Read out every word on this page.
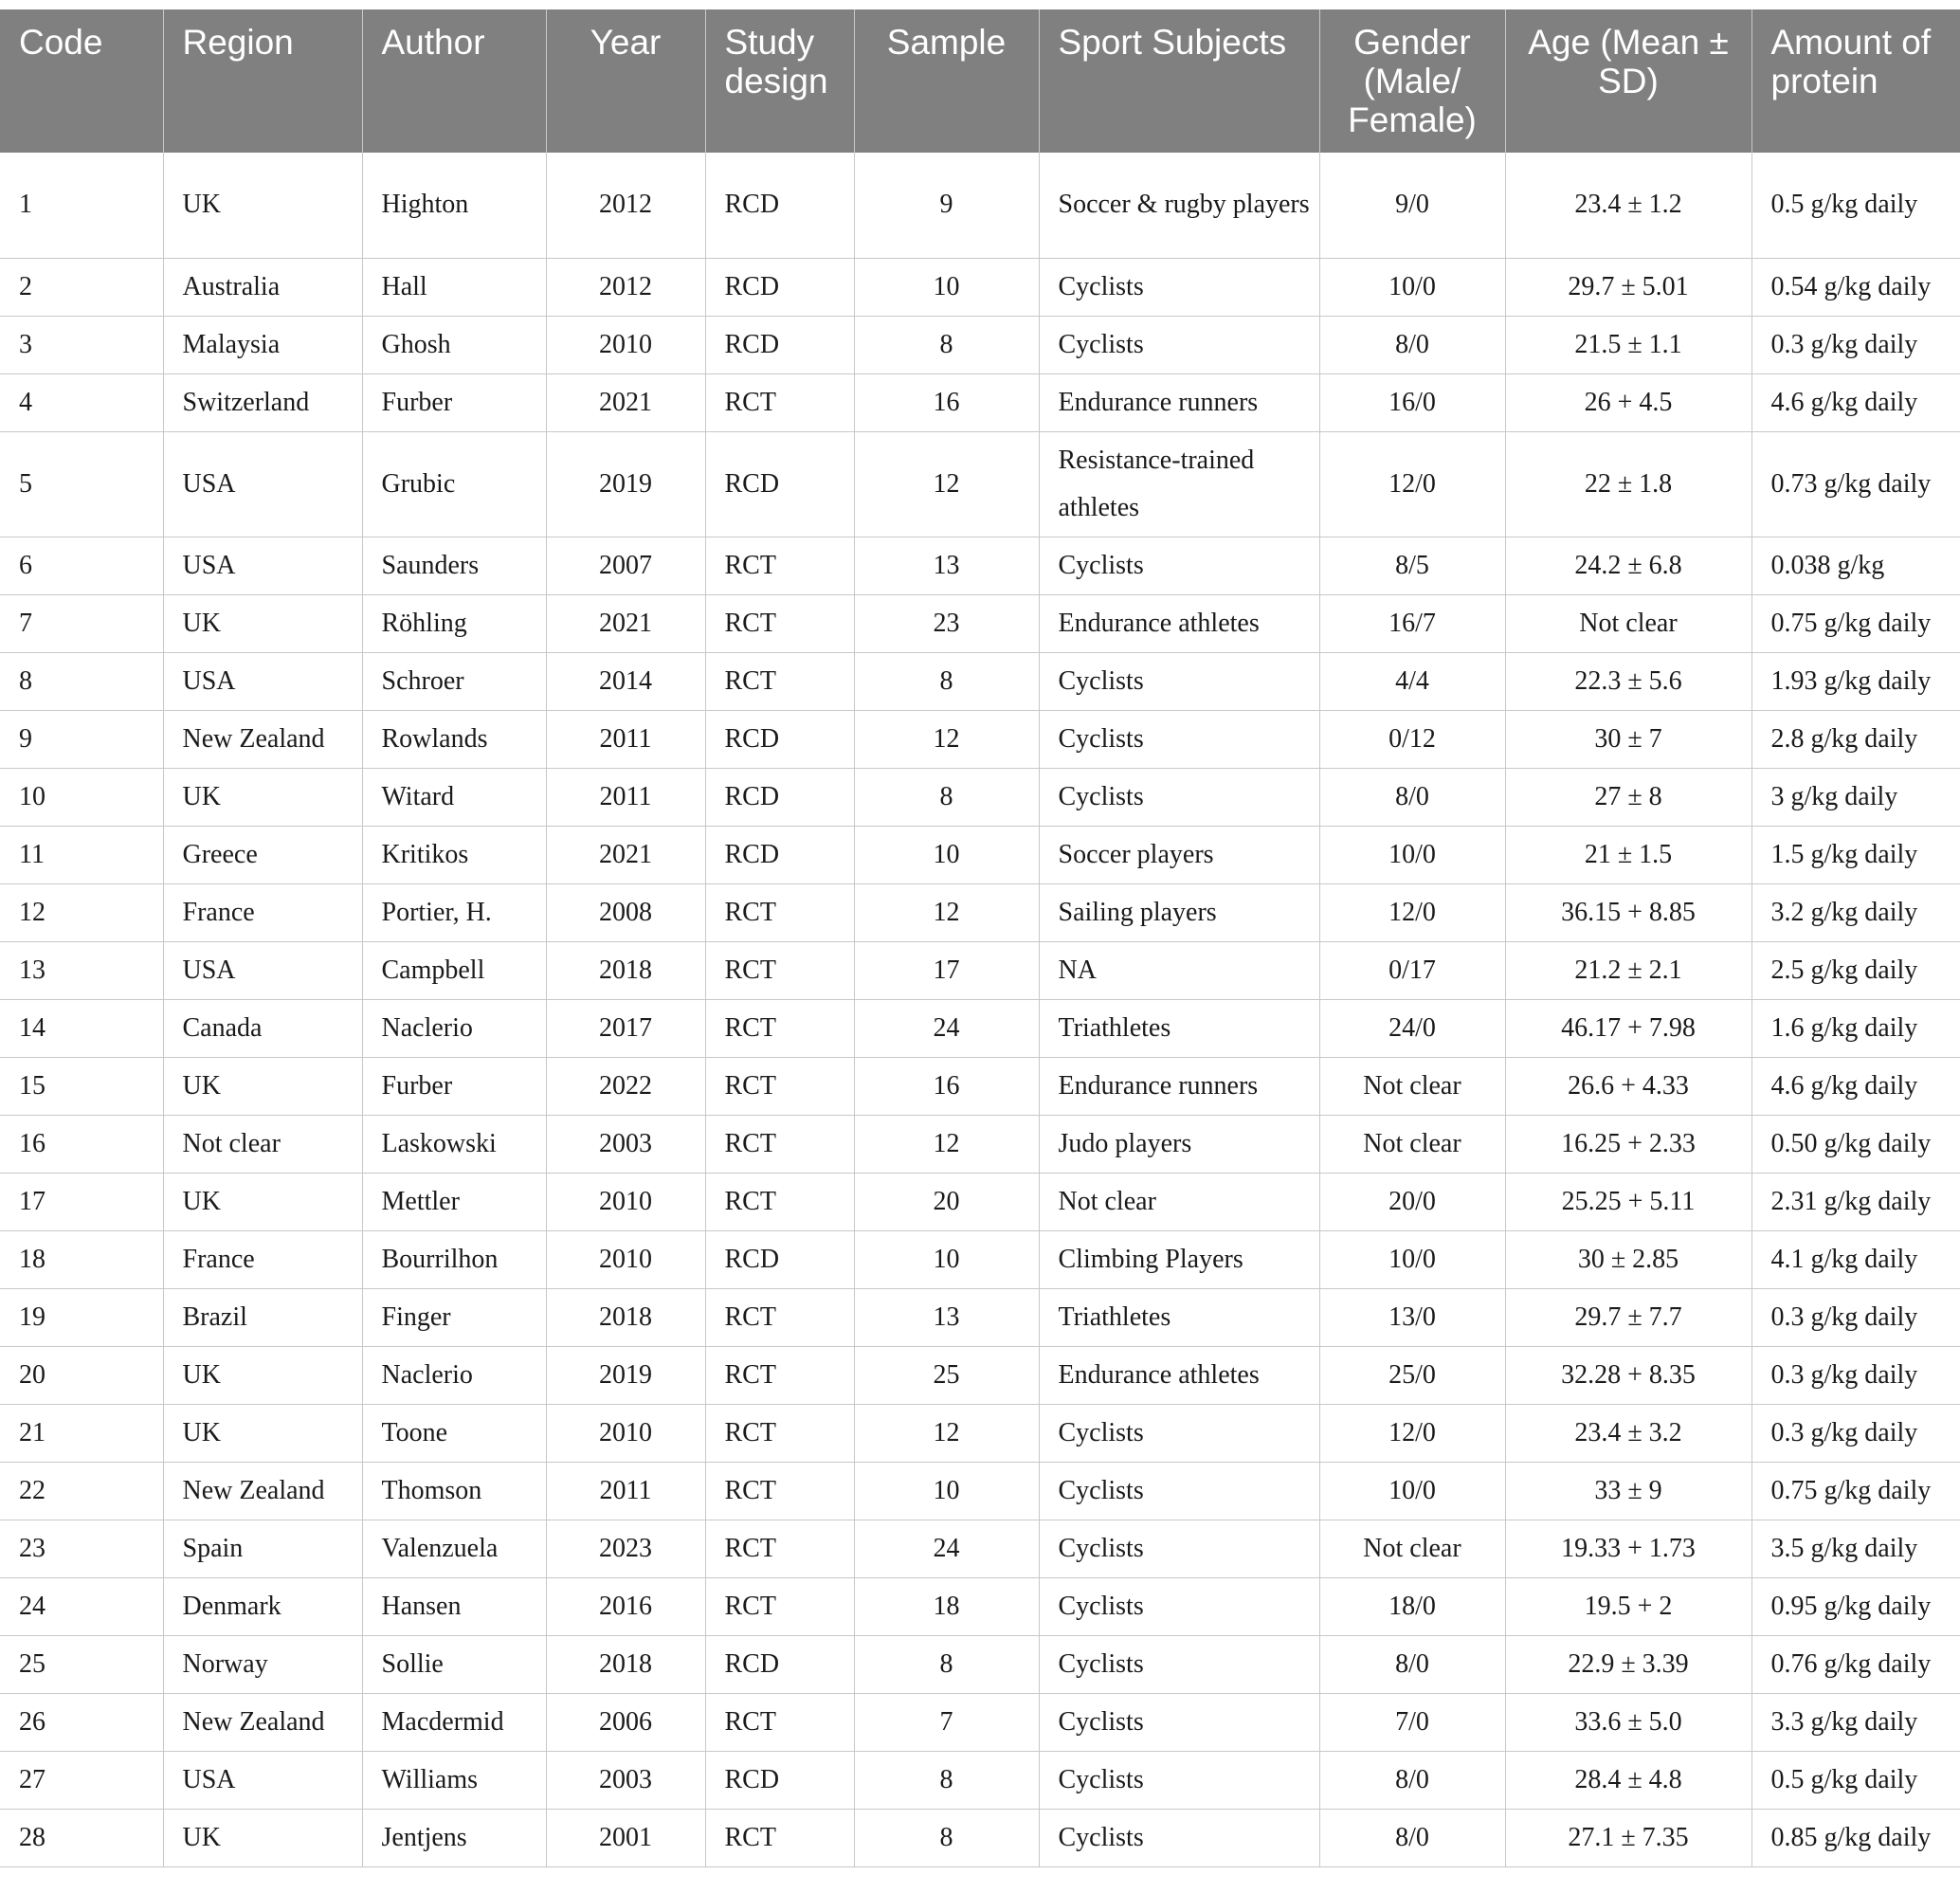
Code	Region	Author	Year	Study design	Sample	Sport Subjects	Gender (Male/ Female)	Age (Mean ± SD)	Amount of protein
1	UK	Highton	2012	RCD	9	Soccer & rugby players	9/0	23.4 ± 1.2	0.5 g/kg daily
2	Australia	Hall	2012	RCD	10	Cyclists	10/0	29.7 ± 5.01	0.54 g/kg daily
3	Malaysia	Ghosh	2010	RCD	8	Cyclists	8/0	21.5 ± 1.1	0.3 g/kg daily
4	Switzerland	Furber	2021	RCT	16	Endurance runners	16/0	26 + 4.5	4.6 g/kg daily
5	USA	Grubic	2019	RCD	12	Resistance-trained athletes	12/0	22 ± 1.8	0.73 g/kg daily
6	USA	Saunders	2007	RCT	13	Cyclists	8/5	24.2 ± 6.8	0.038 g/kg
7	UK	Röhling	2021	RCT	23	Endurance athletes	16/7	Not clear	0.75 g/kg daily
8	USA	Schroer	2014	RCT	8	Cyclists	4/4	22.3 ± 5.6	1.93 g/kg daily
9	New Zealand	Rowlands	2011	RCD	12	Cyclists	0/12	30 ± 7	2.8 g/kg daily
10	UK	Witard	2011	RCD	8	Cyclists	8/0	27 ± 8	3 g/kg daily
11	Greece	Kritikos	2021	RCD	10	Soccer players	10/0	21 ± 1.5	1.5 g/kg daily
12	France	Portier, H.	2008	RCT	12	Sailing players	12/0	36.15 + 8.85	3.2 g/kg daily
13	USA	Campbell	2018	RCT	17	NA	0/17	21.2 ± 2.1	2.5 g/kg daily
14	Canada	Naclerio	2017	RCT	24	Triathletes	24/0	46.17 + 7.98	1.6 g/kg daily
15	UK	Furber	2022	RCT	16	Endurance runners	Not clear	26.6 + 4.33	4.6 g/kg daily
16	Not clear	Laskowski	2003	RCT	12	Judo players	Not clear	16.25 + 2.33	0.50 g/kg daily
17	UK	Mettler	2010	RCT	20	Not clear	20/0	25.25 + 5.11	2.31 g/kg daily
18	France	Bourrilhon	2010	RCD	10	Climbing Players	10/0	30 ± 2.85	4.1 g/kg daily
19	Brazil	Finger	2018	RCT	13	Triathletes	13/0	29.7 ± 7.7	0.3 g/kg daily
20	UK	Naclerio	2019	RCT	25	Endurance athletes	25/0	32.28 + 8.35	0.3 g/kg daily
21	UK	Toone	2010	RCT	12	Cyclists	12/0	23.4 ± 3.2	0.3 g/kg daily
22	New Zealand	Thomson	2011	RCT	10	Cyclists	10/0	33 ± 9	0.75 g/kg daily
23	Spain	Valenzuela	2023	RCT	24	Cyclists	Not clear	19.33 + 1.73	3.5 g/kg daily
24	Denmark	Hansen	2016	RCT	18	Cyclists	18/0	19.5 + 2	0.95 g/kg daily
25	Norway	Sollie	2018	RCD	8	Cyclists	8/0	22.9 ± 3.39	0.76 g/kg daily
26	New Zealand	Macdermid	2006	RCT	7	Cyclists	7/0	33.6 ± 5.0	3.3 g/kg daily
27	USA	Williams	2003	RCD	8	Cyclists	8/0	28.4 ± 4.8	0.5 g/kg daily
28	UK	Jentjens	2001	RCT	8	Cyclists	8/0	27.1 ± 7.35	0.85 g/kg daily
